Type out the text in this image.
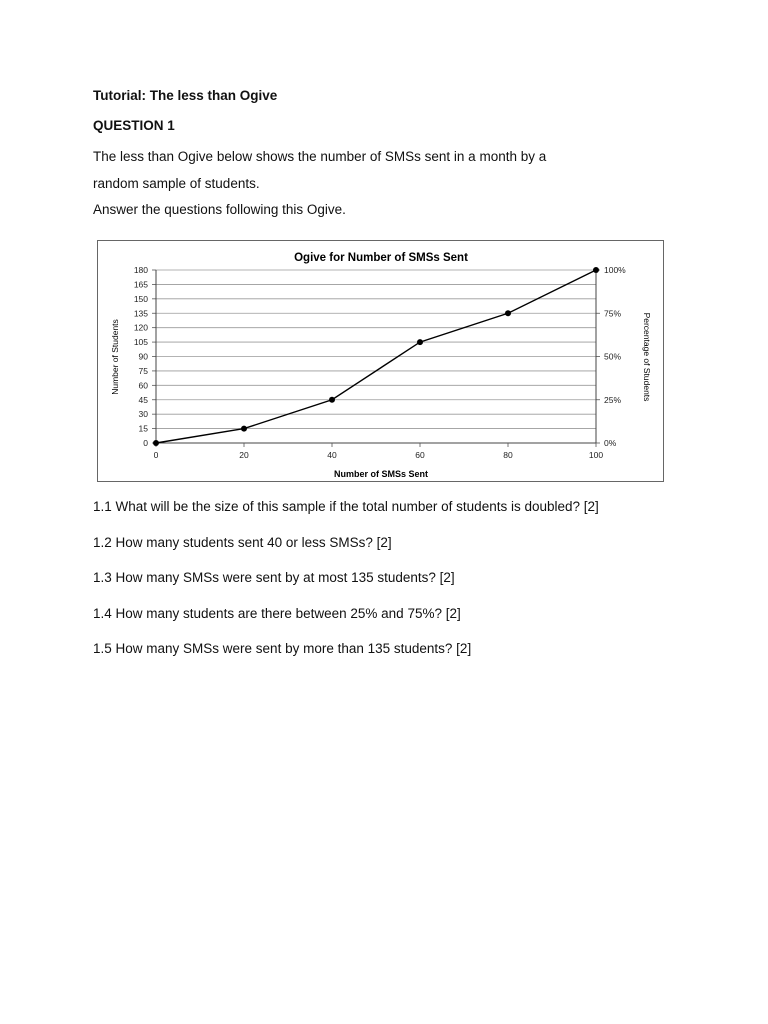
Tutorial: The less than Ogive
QUESTION 1
The less than Ogive below shows the number of SMSs sent in a month by a
random sample of students.
Answer the questions following this Ogive.
Ogive for Number of SMSs Sent
Number of SMSs Sent
Number of Students	Percentage of Students
0
15
30
45
60
75
90
105
120
135
150
165
180
0%
25%
50%
75%
100%
0	20	40	60	80	100
1.1 What will be the size of this sample if the total number of students is doubled? [2]
1.2 How many students sent 40 or less SMSs? [2]
1.3 How many SMSs were sent by at most 135 students? [2]
1.4 How many students are there between 25% and 75%? [2]
1.5 How many SMSs were sent by more than 135 students? [2]
